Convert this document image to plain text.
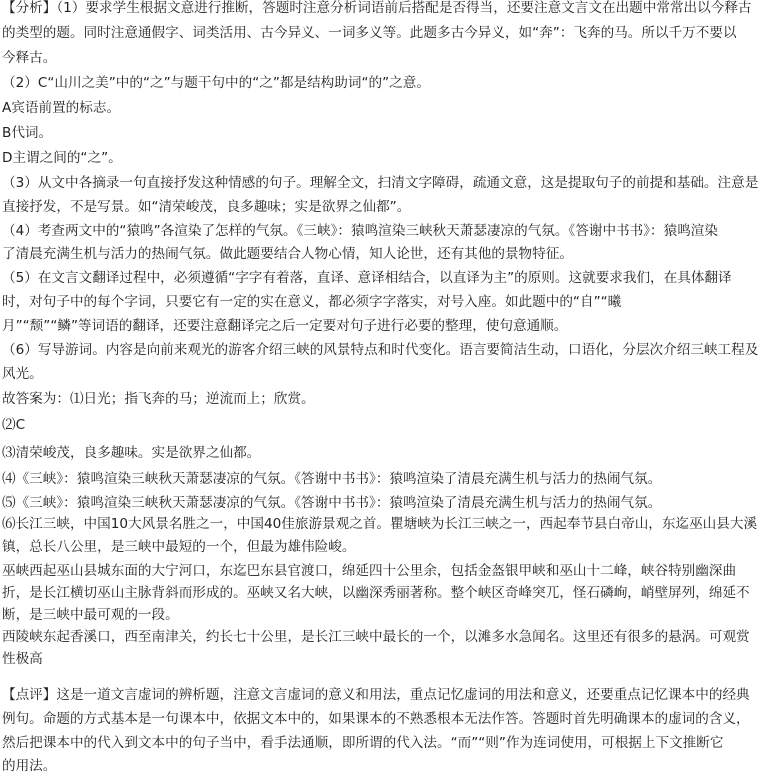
【分析】（1）要求学生根据文意进行推断，答题时注意分析词语前后搭配是否得当，还要注意文言文在出题中常常出以今释古
的类型的题。同时注意通假字、词类活用、古今异义、一词多义等。此题多古今异义，如“奔”：飞奔的马。所以千万不要以
今释古。
（2）C“山川之美”中的“之”与题干句中的“之”都是结构助词“的”之意。
A宾语前置的标志。
B代词。
D主谓之间的“之”。
（3）从文中各摘录一句直接抒发这种情感的句子。理解全文，扫清文字障碍，疏通文意，这是提取句子的前提和基础。注意是
直接抒发，不是写景。如“清荣峻茂，良多趣味；实是欲界之仙都”。
（4）考查两文中的“猿鸣”各渲染了怎样的气氛。《三峡》：猿鸣渲染三峡秋天萧瑟凄凉的气氛。《答谢中书书》：猿鸣渲染
了清晨充满生机与活力的热闹气氛。做此题要结合人物心情，知人论世，还有其他的景物特征。
（5）在文言文翻译过程中，必须遵循“字字有着落，直译、意译相结合，以直译为主”的原则。这就要求我们，在具体翻译
时，对句子中的每个字词，只要它有一定的实在意义，都必须字字落实，对号入座。如此题中的“自”“曦
月”“颓”“鳞”等词语的翻译，还要注意翻译完之后一定要对句子进行必要的整理，使句意通顺。
（6）写导游词。内容是向前来观光的游客介绍三峡的风景特点和时代变化。语言要简洁生动，口语化，分层次介绍三峡工程及
风光。
故答案为：⑴日光；指飞奔的马；逆流而上；欣赏。
⑵C
⑶清荣峻茂，良多趣味。实是欲界之仙都。
⑷《三峡》：猿鸣渲染三峡秋天萧瑟凄凉的气氛。《答谢中书书》：猿鸣渲染了清晨充满生机与活力的热闹气氛。
⑸《三峡》：猿鸣渲染三峡秋天萧瑟凄凉的气氛。《答谢中书书》：猿鸣渲染了清晨充满生机与活力的热闹气氛。
⑹长江三峡，中国10大风景名胜之一，中国40佳旅游景观之首。瞿塘峡为长江三峡之一，西起奉节县白帝山，东迄巫山县大溪
镇，总长八公里，是三峡中最短的一个，但最为雄伟险峻。
巫峡西起巫山县城东面的大宁河口，东迄巴东县官渡口，绵延四十公里余，包括金盔银甲峡和巫山十二峰，峡谷特别幽深曲
折，是长江横切巫山主脉背斜而形成的。巫峡又名大峡，以幽深秀丽著称。整个峡区奇峰突兀，怪石磷峋，峭壁屏列，绵延不
断，是三峡中最可观的一段。
西陵峡东起香溪口，西至南津关，约长七十公里，是长江三峡中最长的一个，以滩多水急闻名。这里还有很多的悬涡。可观赏
性极高
【点评】这是一道文言虚词的辨析题，注意文言虚词的意义和用法，重点记忆虚词的用法和意义，还要重点记忆课本中的经典
例句。命题的方式基本是一句课本中，依据文本中的，如果课本的不熟悉根本无法作答。答题时首先明确课本的虚词的含义，
然后把课本中的代入到文本中的句子当中，看手法通顺，即所谓的代入法。“而”“则”作为连词使用，可根据上下文推断它
的用法。
